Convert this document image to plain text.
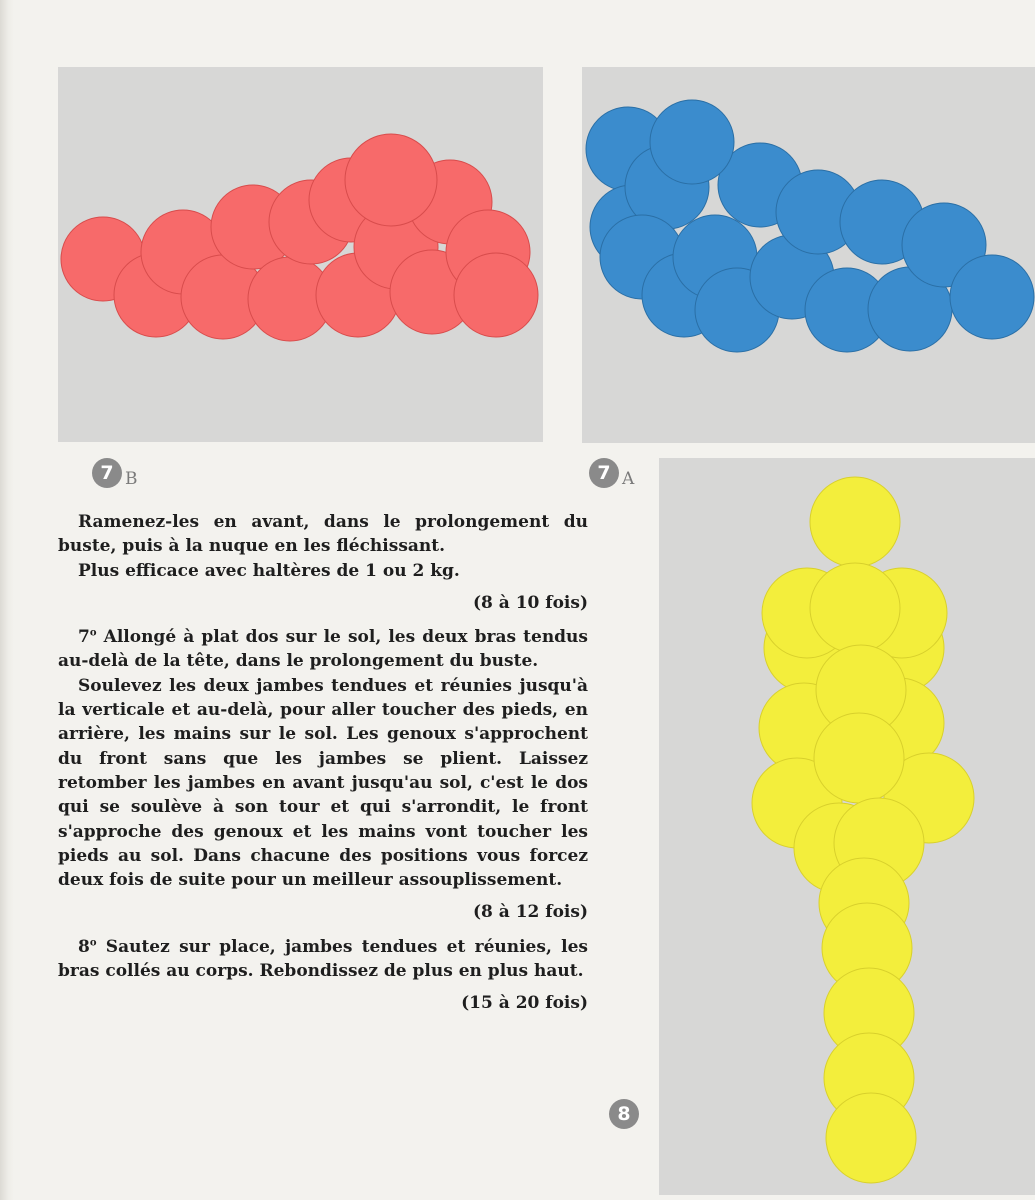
7 B	7 A
8

Ramenez-les en avant, dans le prolongement du buste, puis à la nuque en les fléchissant.

Plus efficace avec haltères de 1 ou 2 kg.

(8 à 10 fois)

7$^o$ Allongé à plat dos sur le sol, les deux bras tendus au-delà de la tête, dans le prolongement du buste.

Soulevez les deux jambes tendues et réunies jusqu'à la verticale et au-delà, pour aller toucher des pieds, en arrière, les mains sur le sol. Les genoux s'approchent du front sans que les jambes se plient. Laissez retomber les jambes en avant jusqu'au sol, c'est le dos qui se soulève à son tour et qui s'arrondit, le front s'approche des genoux et les mains vont toucher les pieds au sol. Dans chacune des positions vous forcez deux fois de suite pour un meilleur assouplissement.

(8 à 12 fois)

8$^o$ Sautez sur place, jambes tendues et réunies, les bras collés au corps. Rebondissez de plus en plus haut.

(15 à 20 fois)
